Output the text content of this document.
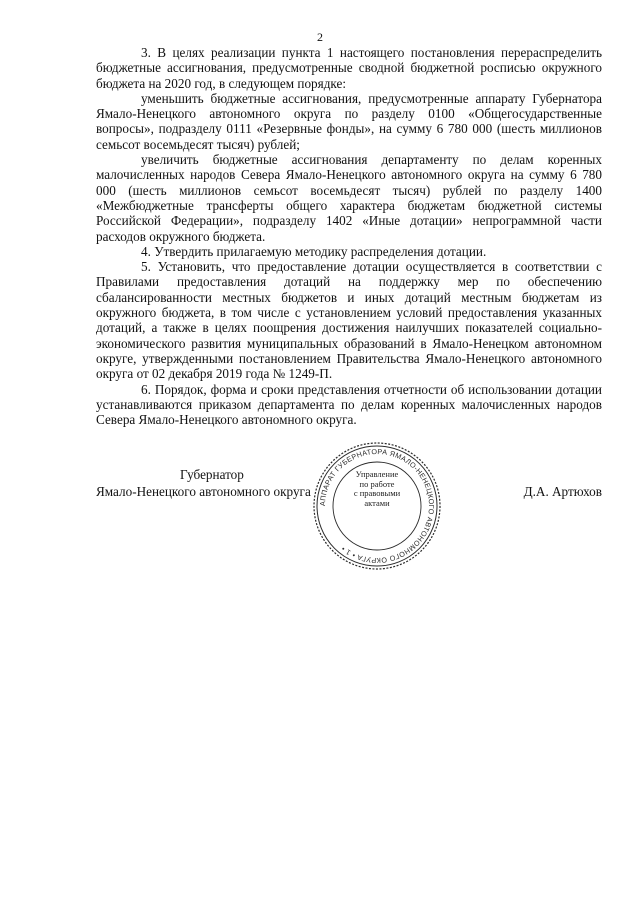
2

3. В целях реализации пункта 1 настоящего постановления перераспределить бюджетные ассигнования, предусмотренные сводной бюджетной росписью окружного бюджета на 2020 год, в следующем порядке:

уменьшить бюджетные ассигнования, предусмотренные аппарату Губернатора Ямало-Ненецкого автономного округа по разделу 0100 «Общегосударственные вопросы», подразделу 0111 «Резервные фонды», на сумму 6 780 000 (шесть миллионов семьсот восемьдесят тысяч) рублей;

увеличить бюджетные ассигнования департаменту по делам коренных малочисленных народов Севера Ямало-Ненецкого автономного округа на сумму 6 780 000 (шесть миллионов семьсот восемьдесят тысяч) рублей по разделу 1400 «Межбюджетные трансферты общего характера бюджетам бюджетной системы Российской Федерации», подразделу 1402 «Иные дотации» непрограммной части расходов окружного бюджета.

4. Утвердить прилагаемую методику распределения дотации.

5. Установить, что предоставление дотации осуществляется в соответствии с Правилами предоставления дотаций на поддержку мер по обеспечению сбалансированности местных бюджетов и иных дотаций местным бюджетам из окружного бюджета, в том числе с установлением условий предоставления указанных дотаций, а также в целях поощрения достижения наилучших показателей социально-экономического развития муниципальных образований в Ямало-Ненецком автономном округе, утвержденными постановлением Правительства Ямало-Ненецкого автономного округа от 02 декабря 2019 года № 1249-П.

6. Порядок, форма и сроки представления отчетности об использовании дотации устанавливаются приказом департамента по делам коренных малочисленных народов Севера Ямало-Ненецкого автономного округа.

Губернатор
Ямало-Ненецкого автономного округа	Д.А. Артюхов
АППАРАТ ГУБЕРНАТОРА ЯМАЛО-НЕНЕЦКОГО АВТОНОМНОГО ОКРУГА • 1 •
Управление
по работе
с правовыми
актами
